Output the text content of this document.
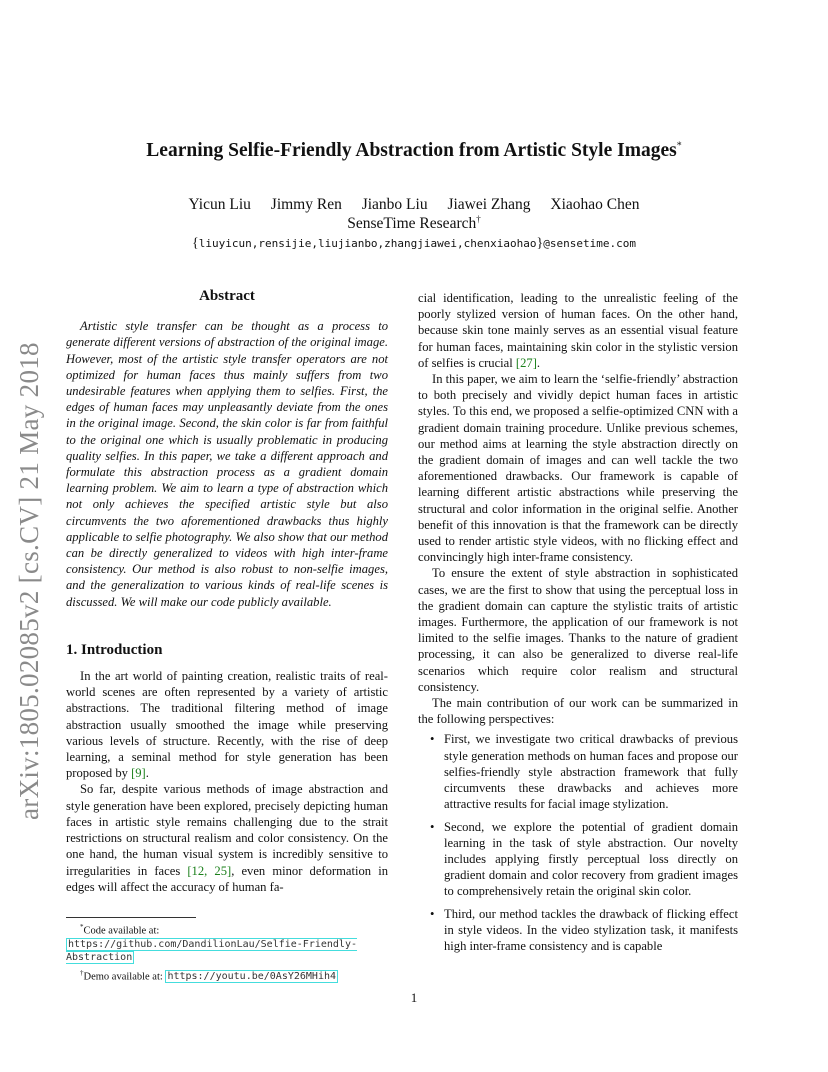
arXiv:1805.02085v2 [cs.CV] 21 May 2018
Learning Selfie-Friendly Abstraction from Artistic Style Images*
Yicun Liu Jimmy Ren Jianbo Liu Jiawei Zhang Xiaohao Chen
SenseTime Research†
{liuyicun,rensijie,liujianbo,zhangjiawei,chenxiaohao}@sensetime.com
Abstract

Artistic style transfer can be thought as a process to generate different versions of abstraction of the original image. However, most of the artistic style transfer operators are not optimized for human faces thus mainly suffers from two undesirable features when applying them to selfies. First, the edges of human faces may unpleasantly deviate from the ones in the original image. Second, the skin color is far from faithful to the original one which is usually problematic in producing quality selfies. In this paper, we take a different approach and formulate this abstraction process as a gradient domain learning problem. We aim to learn a type of abstraction which not only achieves the specified artistic style but also circumvents the two aforementioned drawbacks thus highly applicable to selfie photography. We also show that our method can be directly generalized to videos with high inter-frame consistency. Our method is also robust to non-selfie images, and the generalization to various kinds of real-life scenes is discussed. We will make our code publicly available.

1. Introduction

In the art world of painting creation, realistic traits of real-world scenes are often represented by a variety of artistic abstractions. The traditional filtering method of image abstraction usually smoothed the image while preserving various levels of structure. Recently, with the rise of deep learning, a seminal method for style generation has been proposed by [9].

So far, despite various methods of image abstraction and style generation have been explored, precisely depicting human faces in artistic style remains challenging due to the strait restrictions on structural realism and color consistency. On the one hand, the human visual system is incredibly sensitive to irregularities in faces [12, 25], even minor deformation in edges will affect the accuracy of human fa-

cial identification, leading to the unrealistic feeling of the poorly stylized version of human faces. On the other hand, because skin tone mainly serves as an essential visual feature for human faces, maintaining skin color in the stylistic version of selfies is crucial [27].

In this paper, we aim to learn the ‘selfie-friendly’ abstraction to both precisely and vividly depict human faces in artistic styles. To this end, we proposed a selfie-optimized CNN with a gradient domain training procedure. Unlike previous schemes, our method aims at learning the style abstraction directly on the gradient domain of images and can well tackle the two aforementioned drawbacks. Our framework is capable of learning different artistic abstractions while preserving the structural and color information in the original selfie. Another benefit of this innovation is that the framework can be directly used to render artistic style videos, with no flicking effect and convincingly high inter-frame consistency.

To ensure the extent of style abstraction in sophisticated cases, we are the first to show that using the perceptual loss in the gradient domain can capture the stylistic traits of artistic images. Furthermore, the application of our framework is not limited to the selfie images. Thanks to the nature of gradient processing, it can also be generalized to diverse real-life scenarios which require color realism and structural consistency.

The main contribution of our work can be summarized in the following perspectives:

• First, we investigate two critical drawbacks of previous style generation methods on human faces and propose our selfies-friendly style abstraction framework that fully circumvents these drawbacks and achieves more attractive results for facial image stylization.
• Second, we explore the potential of gradient domain learning in the task of style abstraction. Our novelty includes applying firstly perceptual loss directly on gradient domain and color recovery from gradient images to comprehensively retain the original skin color.
• Third, our method tackles the drawback of flicking effect in style videos. In the video stylization task, it manifests high inter-frame consistency and is capable
*Code available at: https://github.com/DandilionLau/Selfie-Friendly-Abstraction
†Demo available at: https://youtu.be/0AsY26MHih4
1
